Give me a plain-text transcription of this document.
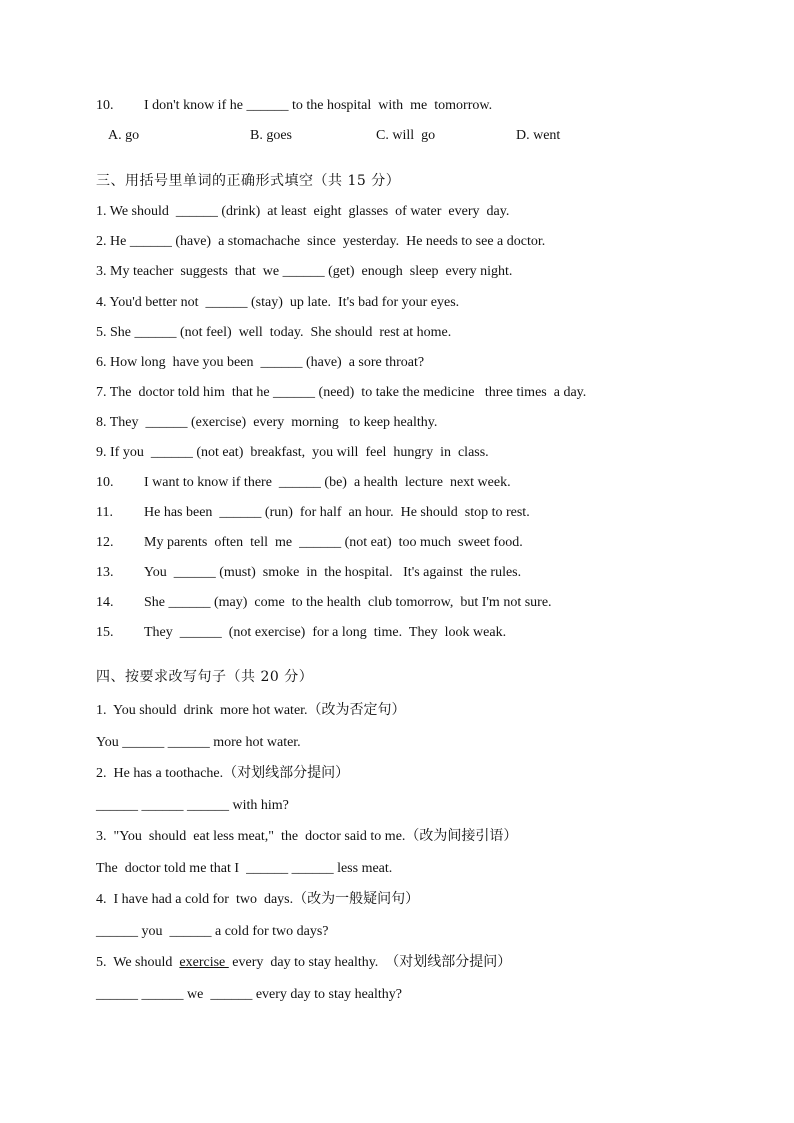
10. I don't know if he ______ to the hospital  with  me  tomorrow.
A. go	B. goes	C. will  go	D. went
三、用括号里单词的正确形式填空（共 15 分）
1. We should  ______ (drink)  at least  eight  glasses  of water  every  day.
2. He ______ (have)  a stomachache  since  yesterday.  He needs to see a doctor.
3. My teacher  suggests  that  we ______ (get)  enough  sleep  every night.
4. You'd better not  ______ (stay)  up late.  It's bad for your eyes.
5. She ______ (not feel)  well  today.  She should  rest at home.
6. How long  have you been  ______ (have)  a sore throat?
7. The  doctor told him  that he ______ (need)  to take the medicine   three times  a day.
8. They  ______ (exercise)  every  morning   to keep healthy.
9. If you  ______ (not eat)  breakfast,  you will  feel  hungry  in  class.
10. I want to know if there  ______ (be)  a health  lecture  next week.
11. He has been  ______ (run)  for half  an hour.  He should  stop to rest.
12. My parents  often  tell  me  ______ (not eat)  too much  sweet food.
13. You  ______ (must)  smoke  in  the hospital.   It's against  the rules.
14. She ______ (may)  come  to the health  club tomorrow,  but I'm not sure.
15. They  ______  (not exercise)  for a long  time.  They  look weak.
四、按要求改写句子（共 20 分）
1.  You should  drink  more hot water.（改为否定句）
You ______ ______ more hot water.
2.  He has a toothache.（对划线部分提问）
______ ______ ______ with him?
3.  "You  should  eat less meat,"  the  doctor said to me.（改为间接引语）
The  doctor told me that I  ______ ______ less meat.
4.  I have had a cold for  two  days.（改为一般疑问句）
______ you  ______ a cold for two days?
5.  We should  exercise  every  day to stay healthy.  （对划线部分提问）
______ ______ we  ______ every day to stay healthy?
